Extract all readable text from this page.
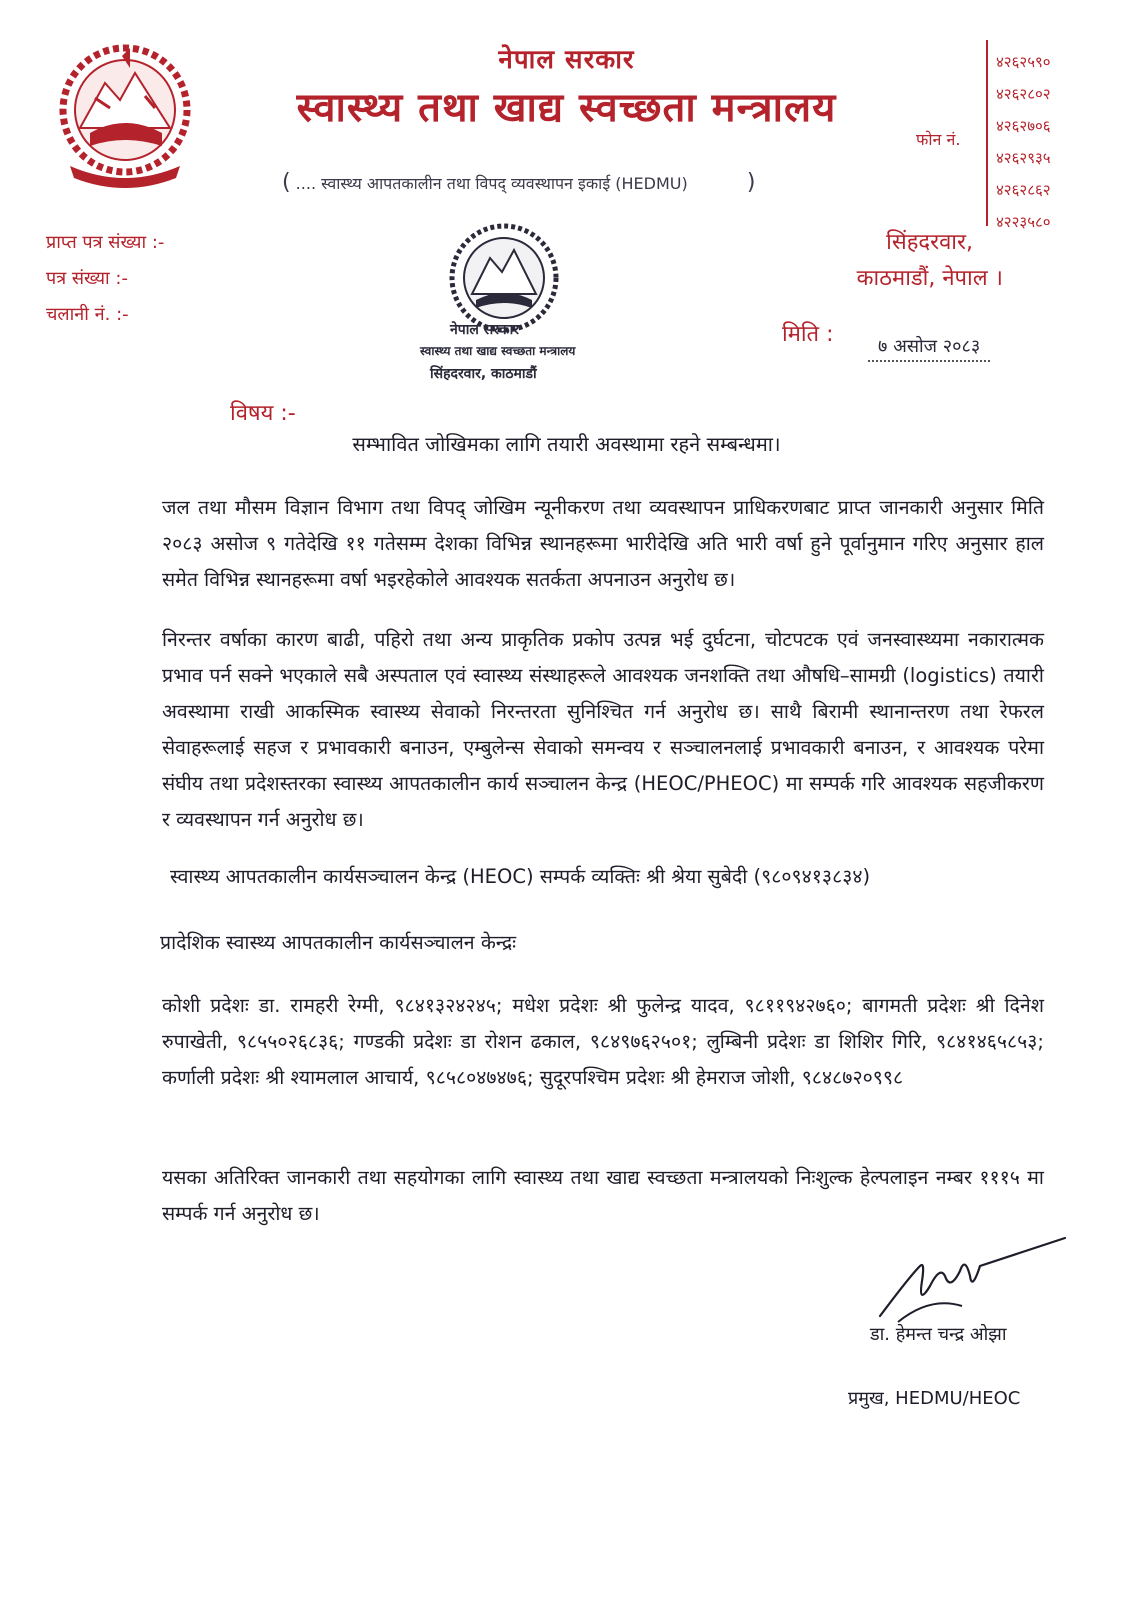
नेपाल सरकार
स्वास्थ्य तथा खाद्य स्वच्छता मन्त्रालय
( .... स्वास्थ्य आपतकालीन तथा विपद् व्यवस्थापन इकाई (HEDMU)	)
फोन नं.
४२६२५९०
४२६२८०२
४२६२७०६
४२६२९३५
४२६२८६२
४२२३५८०
प्राप्त पत्र संख्या :-
पत्र संख्या :-
चलानी नं. :-
सिंहदरवार,
काठमाडौं, नेपाल ।
नेपाल सरकार
स्वास्थ्य तथा खाद्य स्वच्छता मन्त्रालय
सिंहदरवार, काठमाडौं
मिति :	७ असोज २०८३
विषय :-
सम्भावित जोखिमका लागि तयारी अवस्थामा रहने सम्बन्धमा।
जल तथा मौसम विज्ञान विभाग तथा विपद् जोखिम न्यूनीकरण तथा व्यवस्थापन प्राधिकरणबाट प्राप्त जानकारी अनुसार मिति २०८३ असोज ९ गतेदेखि ११ गतेसम्म देशका विभिन्न स्थानहरूमा भारीदेखि अति भारी वर्षा हुने पूर्वानुमान गरिए अनुसार हाल समेत विभिन्न स्थानहरूमा वर्षा भइरहेकोले आवश्यक सतर्कता अपनाउन अनुरोध छ।
निरन्तर वर्षाका कारण बाढी, पहिरो तथा अन्य प्राकृतिक प्रकोप उत्पन्न भई दुर्घटना, चोटपटक एवं जनस्वास्थ्यमा नकारात्मक प्रभाव पर्न सक्ने भएकाले सबै अस्पताल एवं स्वास्थ्य संस्थाहरूले आवश्यक जनशक्ति तथा औषधि–सामग्री (logistics) तयारी अवस्थामा राखी आकस्मिक स्वास्थ्य सेवाको निरन्तरता सुनिश्चित गर्न अनुरोध छ। साथै बिरामी स्थानान्तरण तथा रेफरल सेवाहरूलाई सहज र प्रभावकारी बनाउन, एम्बुलेन्स सेवाको समन्वय र सञ्चालनलाई प्रभावकारी बनाउन, र आवश्यक परेमा संघीय तथा प्रदेशस्तरका स्वास्थ्य आपतकालीन कार्य सञ्चालन केन्द्र (HEOC/PHEOC) मा सम्पर्क गरि आवश्यक सहजीकरण र व्यवस्थापन गर्न अनुरोध छ।
स्वास्थ्य आपतकालीन कार्यसञ्चालन केन्द्र (HEOC) सम्पर्क व्यक्तिः श्री श्रेया सुबेदी (९८०९४१३८३४)
प्रादेशिक स्वास्थ्य आपतकालीन कार्यसञ्चालन केन्द्रः
कोशी प्रदेशः डा. रामहरी रेग्मी, ९८४१३२४२४५; मधेश प्रदेशः श्री फुलेन्द्र यादव, ९८११९४२७६०; बागमती प्रदेशः श्री दिनेश रुपाखेती, ९८५५०२६८३६; गण्डकी प्रदेशः डा रोशन ढकाल, ९८४९७६२५०१; लुम्बिनी प्रदेशः डा शिशिर गिरि, ९८४१४६५८५३; कर्णाली प्रदेशः श्री श्यामलाल आचार्य, ९८५८०४७४७६; सुदूरपश्चिम प्रदेशः श्री हेमराज जोशी, ९८४८७२०९९८
यसका अतिरिक्त जानकारी तथा सहयोगका लागि स्वास्थ्य तथा खाद्य स्वच्छता मन्त्रालयको निःशुल्क हेल्पलाइन नम्बर १११५ मा सम्पर्क गर्न अनुरोध छ।
डा. हेमन्त चन्द्र ओझा
प्रमुख, HEDMU/HEOC
